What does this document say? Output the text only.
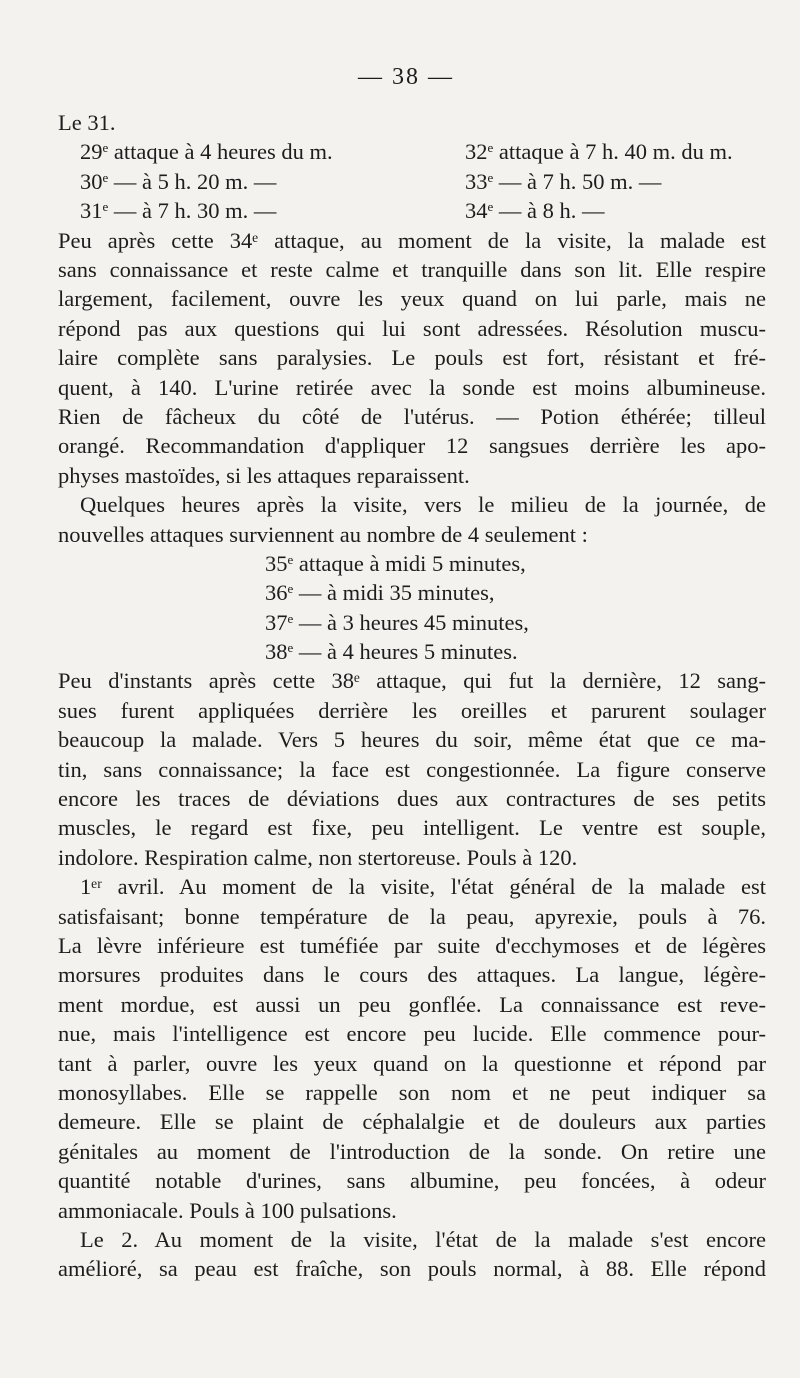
— 38 —
Le 31.
29e attaque à 4 heures du m.	32e attaque à 7 h. 40 m. du m.
30e — à 5 h. 20 m. —	33e — à 7 h. 50 m. —
31e — à 7 h. 30 m. —	34e — à 8 h. —
Peu après cette 34ᵉ attaque, au moment de la visite, la malade est
sans connaissance et reste calme et tranquille dans son lit. Elle respire
largement, facilement, ouvre les yeux quand on lui parle, mais ne
répond pas aux questions qui lui sont adressées. Résolution muscu-
laire complète sans paralysies. Le pouls est fort, résistant et fré-
quent, à 140. L'urine retirée avec la sonde est moins albumineuse.
Rien de fâcheux du côté de l'utérus. — Potion éthérée; tilleul
orangé. Recommandation d'appliquer 12 sangsues derrière les apo-
physes mastoïdes, si les attaques reparaissent.
Quelques heures après la visite, vers le milieu de la journée, de
nouvelles attaques surviennent au nombre de 4 seulement :
35e attaque à midi 5 minutes,
36e — à midi 35 minutes,
37e — à 3 heures 45 minutes,
38e — à 4 heures 5 minutes.
Peu d'instants après cette 38ᵉ attaque, qui fut la dernière, 12 sang-
sues furent appliquées derrière les oreilles et parurent soulager
beaucoup la malade. Vers 5 heures du soir, même état que ce ma-
tin, sans connaissance; la face est congestionnée. La figure conserve
encore les traces de déviations dues aux contractures de ses petits
muscles, le regard est fixe, peu intelligent. Le ventre est souple,
indolore. Respiration calme, non stertoreuse. Pouls à 120.
1ᵉʳ avril. Au moment de la visite, l'état général de la malade est
satisfaisant; bonne température de la peau, apyrexie, pouls à 76.
La lèvre inférieure est tuméfiée par suite d'ecchymoses et de légères
morsures produites dans le cours des attaques. La langue, légère-
ment mordue, est aussi un peu gonflée. La connaissance est reve-
nue, mais l'intelligence est encore peu lucide. Elle commence pour-
tant à parler, ouvre les yeux quand on la questionne et répond par
monosyllabes. Elle se rappelle son nom et ne peut indiquer sa
demeure. Elle se plaint de céphalalgie et de douleurs aux parties
génitales au moment de l'introduction de la sonde. On retire une
quantité notable d'urines, sans albumine, peu foncées, à odeur
ammoniacale. Pouls à 100 pulsations.
Le 2. Au moment de la visite, l'état de la malade s'est encore
amélioré, sa peau est fraîche, son pouls normal, à 88. Elle répond
